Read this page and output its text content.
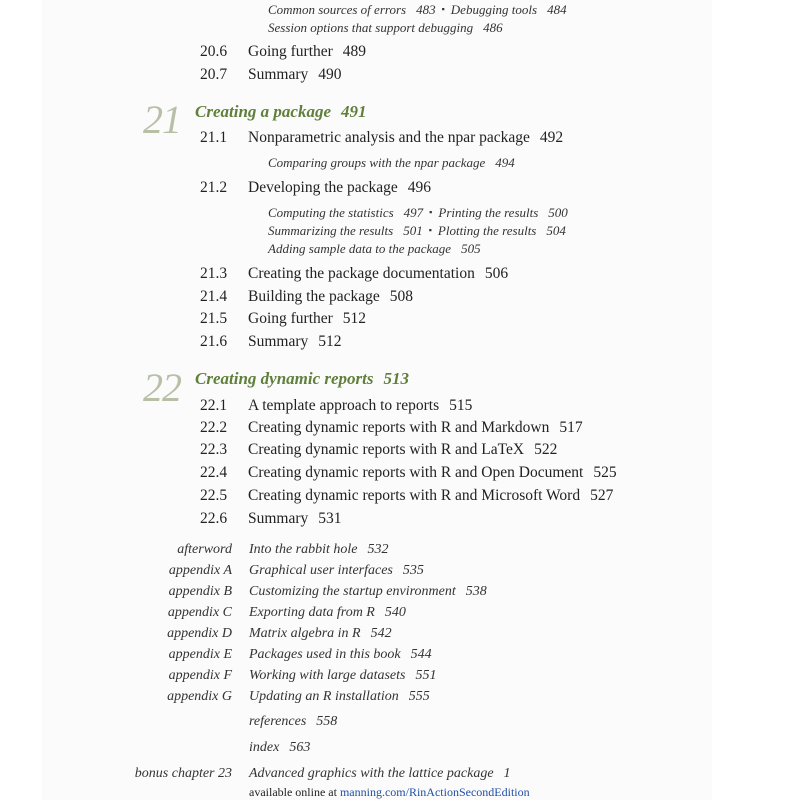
Common sources of errors 483 ▪ Debugging tools 484
Session options that support debugging 486
20.6 Going further 489
20.7 Summary 490
21 Creating a package 491
21.1 Nonparametric analysis and the npar package 492
Comparing groups with the npar package 494
21.2 Developing the package 496
Computing the statistics 497 ▪ Printing the results 500
Summarizing the results 501 ▪ Plotting the results 504
Adding sample data to the package 505
21.3 Creating the package documentation 506
21.4 Building the package 508
21.5 Going further 512
21.6 Summary 512
22 Creating dynamic reports 513
22.1 A template approach to reports 515
22.2 Creating dynamic reports with R and Markdown 517
22.3 Creating dynamic reports with R and LaTeX 522
22.4 Creating dynamic reports with R and Open Document 525
22.5 Creating dynamic reports with R and Microsoft Word 527
22.6 Summary 531
afterword Into the rabbit hole 532
appendix A Graphical user interfaces 535
appendix B Customizing the startup environment 538
appendix C Exporting data from R 540
appendix D Matrix algebra in R 542
appendix E Packages used in this book 544
appendix F Working with large datasets 551
appendix G Updating an R installation 555
references 558
index 563
bonus chapter 23 Advanced graphics with the lattice package 1
available online at manning.com/RinActionSecondEdition
